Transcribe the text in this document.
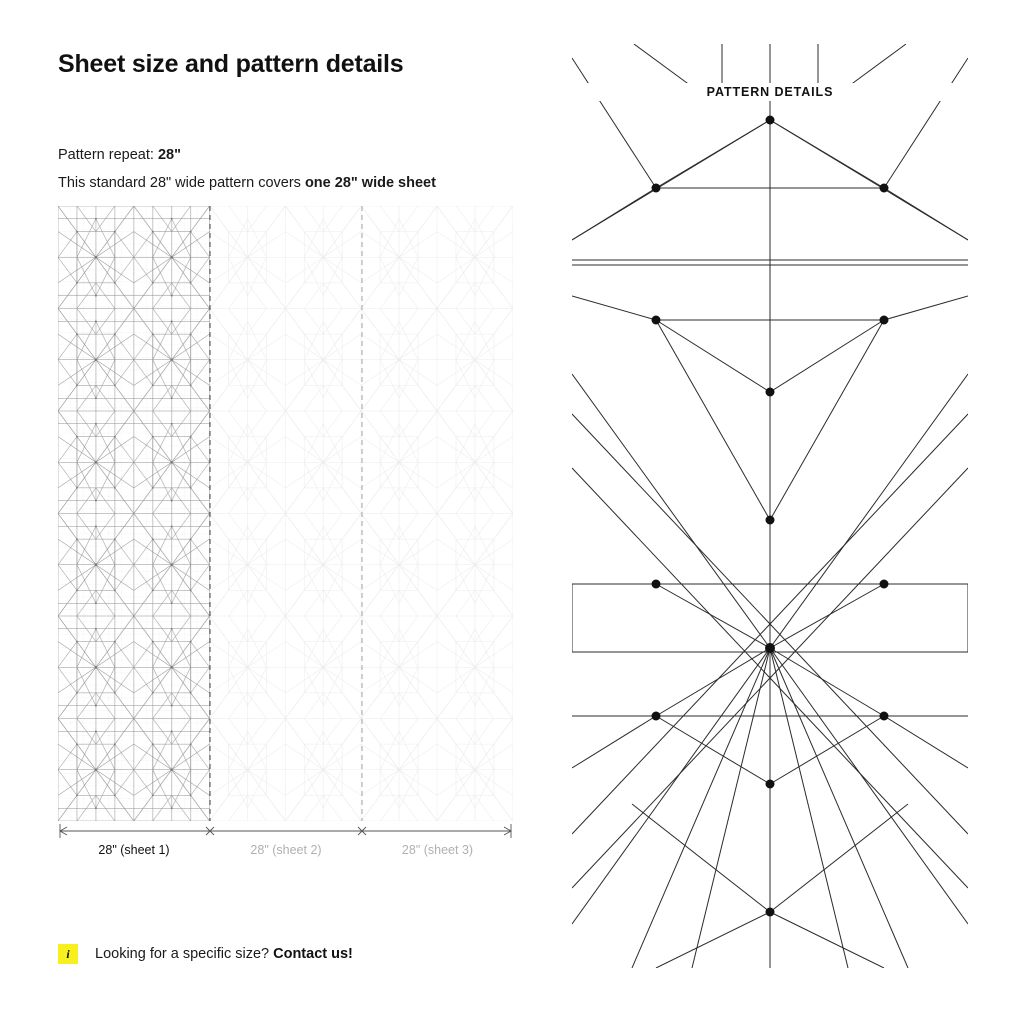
Sheet size and pattern details
Pattern repeat: 28"
This standard 28" wide pattern covers one 28" wide sheet
28" (sheet 1)	28" (sheet 2)	28" (sheet 3)
i	Looking for a specific size? Contact us!
PATTERN DETAILS
